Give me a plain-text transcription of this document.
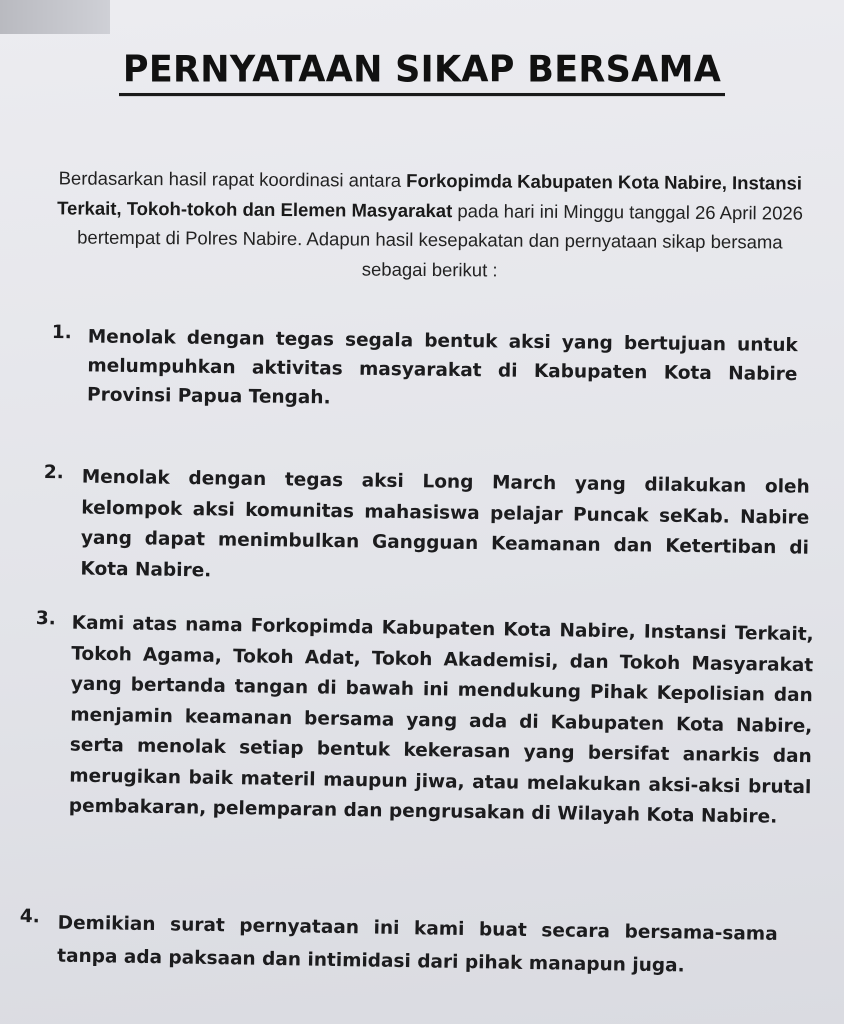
PERNYATAAN SIKAP BERSAMA
Berdasarkan hasil rapat koordinasi antara Forkopimda Kabupaten Kota Nabire, Instansi Terkait, Tokoh-tokoh dan Elemen Masyarakat pada hari ini Minggu tanggal 26 April 2026 bertempat di Polres Nabire. Adapun hasil kesepakatan dan pernyataan sikap bersama sebagai berikut :
1. Menolak dengan tegas segala bentuk aksi yang bertujuan untuk melumpuhkan aktivitas masyarakat di Kabupaten Kota Nabire Provinsi Papua Tengah.
2. Menolak dengan tegas aksi Long March yang dilakukan oleh kelompok aksi komunitas mahasiswa pelajar Puncak seKab. Nabire yang dapat menimbulkan Gangguan Keamanan dan Ketertiban di Kota Nabire.
3. Kami atas nama Forkopimda Kabupaten Kota Nabire, Instansi Terkait, Tokoh Agama, Tokoh Adat, Tokoh Akademisi, dan Tokoh Masyarakat yang bertanda tangan di bawah ini mendukung Pihak Kepolisian dan menjamin keamanan bersama yang ada di Kabupaten Kota Nabire, serta menolak setiap bentuk kekerasan yang bersifat anarkis dan merugikan baik materil maupun jiwa, atau melakukan aksi-aksi brutal pembakaran, pelemparan dan pengrusakan di Wilayah Kota Nabire.
4. Demikian surat pernyataan ini kami buat secara bersama-sama tanpa ada paksaan dan intimidasi dari pihak manapun juga.
